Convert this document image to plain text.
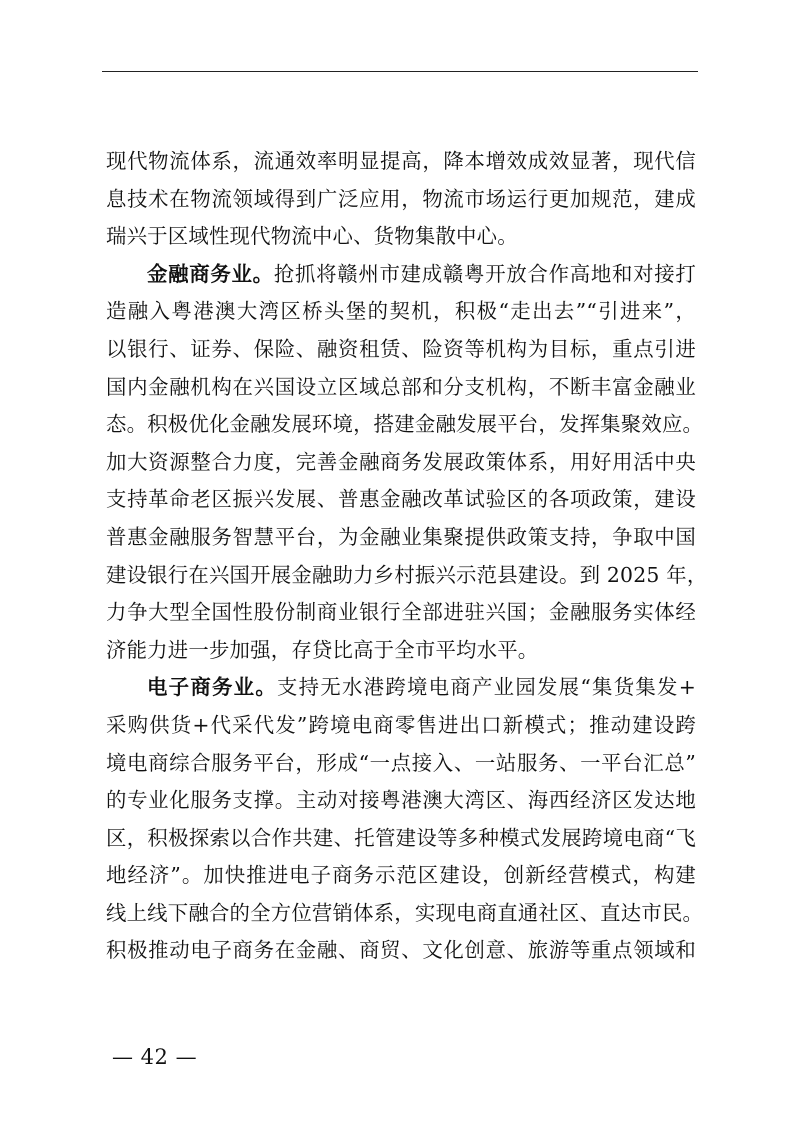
现代物流体系，流通效率明显提高，降本增效成效显著，现代信
息技术在物流领域得到广泛应用，物流市场运行更加规范，建成
瑞兴于区域性现代物流中心、货物集散中心。
金融商务业。抢抓将赣州市建成赣粤开放合作高地和对接打
造融入粤港澳大湾区桥头堡的契机，积极“走出去”“引进来”，
以银行、证券、保险、融资租赁、险资等机构为目标，重点引进
国内金融机构在兴国设立区域总部和分支机构，不断丰富金融业
态。积极优化金融发展环境，搭建金融发展平台，发挥集聚效应。
加大资源整合力度，完善金融商务发展政策体系，用好用活中央
支持革命老区振兴发展、普惠金融改革试验区的各项政策，建设
普惠金融服务智慧平台，为金融业集聚提供政策支持，争取中国
建设银行在兴国开展金融助力乡村振兴示范县建设。到 2025 年，
力争大型全国性股份制商业银行全部进驻兴国；金融服务实体经
济能力进一步加强，存贷比高于全市平均水平。
电子商务业。支持无水港跨境电商产业园发展“集货集发+
采购供货+代采代发”跨境电商零售进出口新模式；推动建设跨
境电商综合服务平台，形成“一点接入、一站服务、一平台汇总”
的专业化服务支撑。主动对接粤港澳大湾区、海西经济区发达地
区，积极探索以合作共建、托管建设等多种模式发展跨境电商“飞
地经济”。加快推进电子商务示范区建设，创新经营模式，构建
线上线下融合的全方位营销体系，实现电商直通社区、直达市民。
积极推动电子商务在金融、商贸、文化创意、旅游等重点领域和
— 42 —
